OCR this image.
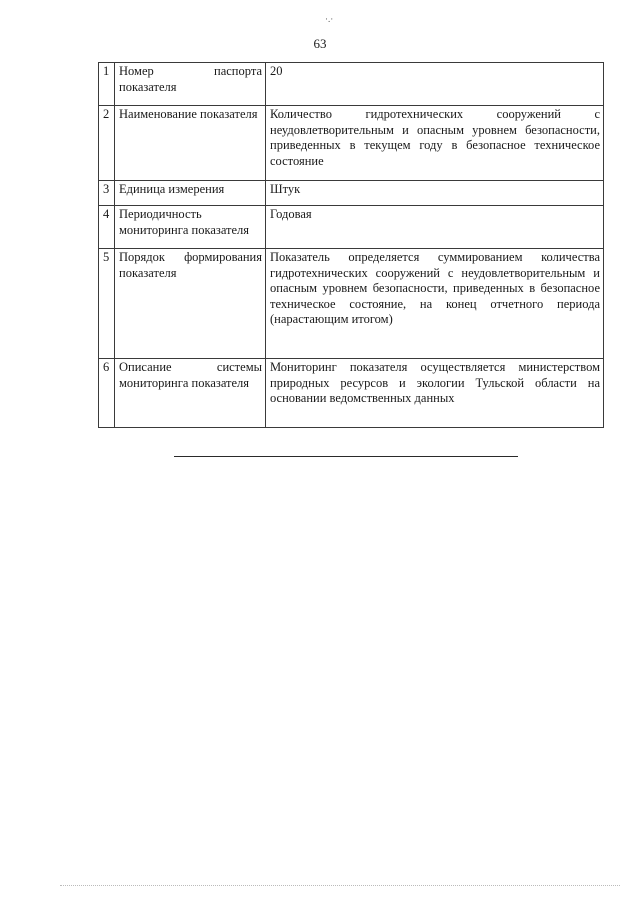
·.·
63
1	Номер паспорта показателя	20
2	Наименование показателя	Количество гидротехнических сооружений с неудовлетворительным и опасным уровнем безопасности, приведенных в текущем году в безопасное техническое состояние
3	Единица измерения	Штук
4	Периодичность мониторинга показателя	Годовая
5	Порядок формирования показателя	Показатель определяется суммированием количества гидротехнических сооружений с неудовлетворительным и опасным уровнем безопасности, приведенных в безопасное техническое состояние, на конец отчетного периода (нарастающим итогом)
6	Описание системы мониторинга показателя	Мониторинг показателя осуществляется министерством природных ресурсов и экологии Тульской области на основании ведомственных данных
